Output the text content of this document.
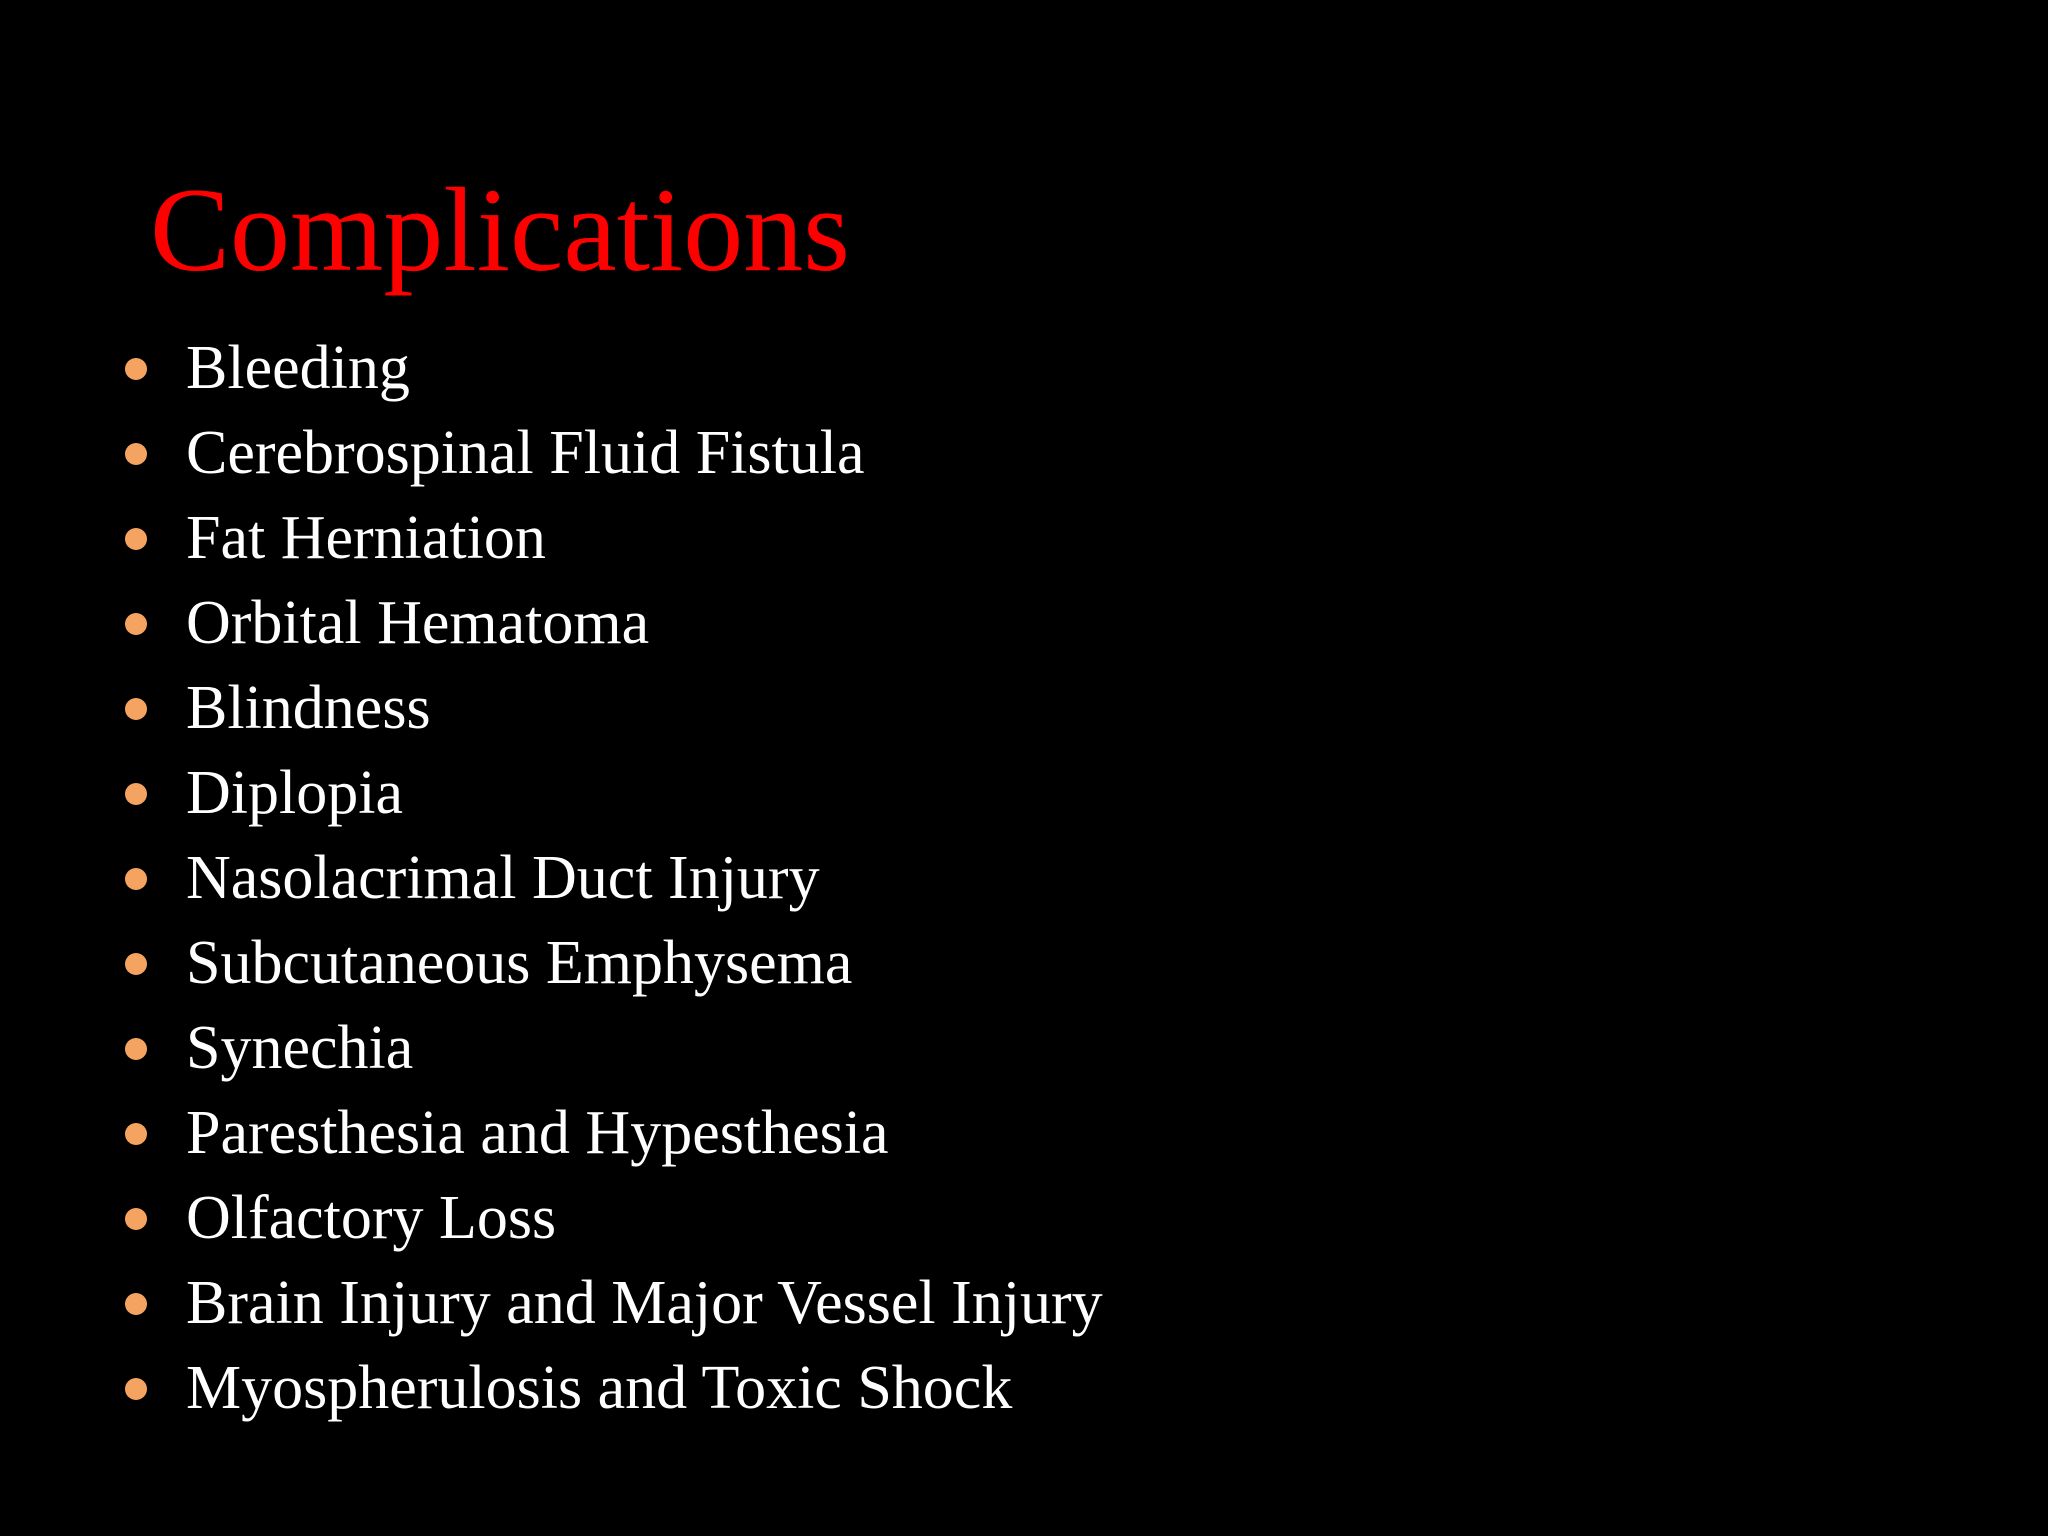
Complications
Bleeding
Cerebrospinal Fluid Fistula
Fat Herniation
Orbital Hematoma
Blindness
Diplopia
Nasolacrimal Duct Injury
Subcutaneous Emphysema
Synechia
Paresthesia and Hypesthesia
Olfactory Loss
Brain Injury and Major Vessel Injury
Myospherulosis and Toxic Shock
